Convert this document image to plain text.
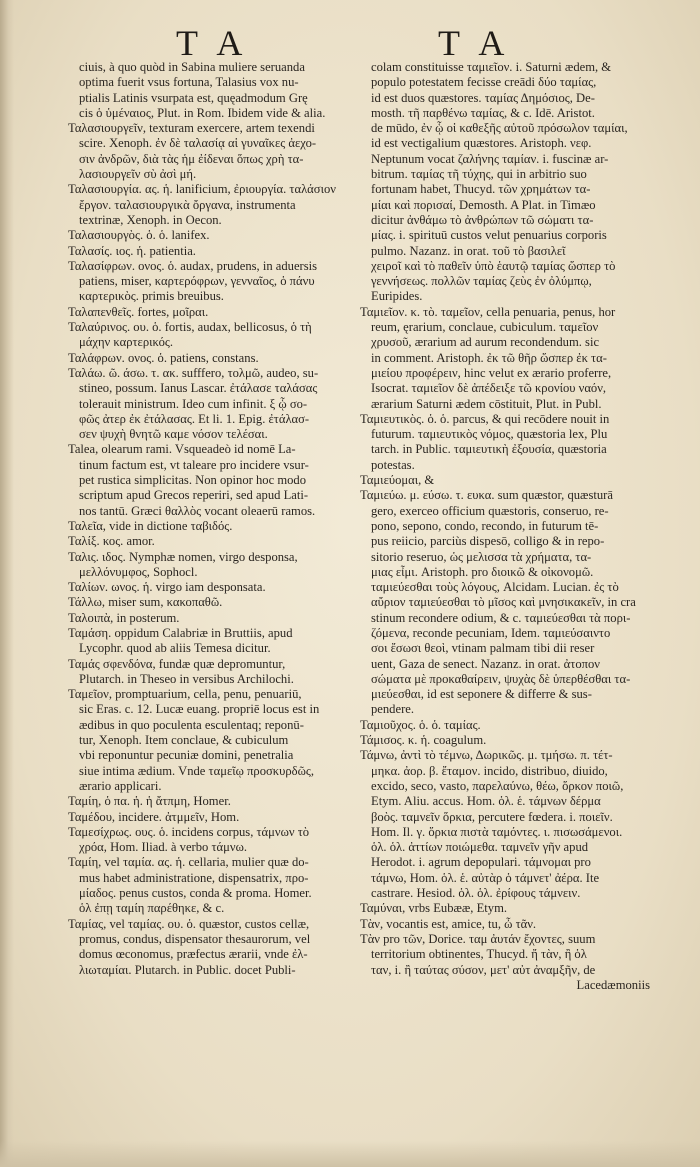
T A	T A
ciuis, à quo quòd in Sabina muliere seruanda
optima fuerit vsus fortuna, Talasius vox nu-
ptialis Latinis vsurpata est, quęadmodum Grę
cis ὁ ὑμέναιος, Plut. in Rom. Ibidem vide & alia.
Ταλασιουργεῖν, texturam exercere, artem texendi
scire. Xenoph. ἐν δὲ ταλασίᾳ αἱ γυναῖκες ἀεχο-
σιν ἀνδρῶν, διὰ τὰς ἡμ ἐίδεναι ὅπως χρὴ τα-
λασιουργεῖν σὺ ἀσὶ μή.
Ταλασιουργία. ας. ἡ. lanificium, ἐριουργία. ταλάσιον
ἔργον. ταλασιουργικὰ ὄργανα, instrumenta
textrinæ, Xenoph. in Oecon.
Ταλασιουργὸς. ὁ. ὁ. lanifex.
Ταλασίς. ιος. ἡ. patientia.
Ταλασίφρων. ονος. ὁ. audax, prudens, in aduersis
patiens, miser, καρτερόφρων, γενναῖος, ὁ πάνυ
καρτερικὸς. primis breuibus.
Ταλαπενθεῖς. fortes, μοῖραι.
Ταλαύρινος. ου. ὁ. fortis, audax, bellicosus, ὁ τὴ
μάχην καρτερικός.
Ταλάφρων. ονος. ὁ. patiens, constans.
Ταλάω. ῶ. άσω. τ. ακ. sufffero, τολμῶ, audeo, su-
stineo, possum. Ianus Lascar. ἐτάλασε ταλάσας
tolerauit ministrum. Ideo cum infinit. ξ ᾧ σο-
φῶς ἀτερ ἐκ ἐτάλασας. Et li. 1. Epig. ἐτάλασ-
σεν ψυχὴ θνητῶ καμε νόσον τελέσαι.
Talea, olearum rami. Vsqueadeò id nomē La-
tinum factum est, vt taleare pro incidere vsur-
pet rustica simplicitas. Non opinor hoc modo
scriptum apud Grecos reperiri, sed apud Lati-
nos tantū. Græci θαλλὸς vocant oleaerū ramos.
Ταλεῖα, vide in dictione ταβιδός.
Ταλίξ. κος. amor.
Ταλις. ιδος. Nymphæ nomen, virgo desponsa,
μελλόνυμφος, Sophocl.
Ταλίων. ωνος. ἡ. virgo iam desponsata.
Τάλλω, miser sum, κακοπαθῶ.
Ταλοιπὰ, in posterum.
Ταμάση. oppidum Calabriæ in Bruttiis, apud
Lycophr. quod ab aliis Temesa dicitur.
Ταμάς σφενδόνα, fundæ quæ depromuntur,
Plutarch. in Theseo in versibus Archilochi.
Ταμεῖον, promptuarium, cella, penu, penuariū,
sic Eras. c. 12. Lucæ euang. propriē locus est in
ædibus in quo poculenta esculentaq; reponū-
tur, Xenoph. Item conclaue, & cubiculum
vbi reponuntur pecuniæ domini, penetralia
siue intima ædium. Vnde ταμεῖῳ προσκυρδῶς,
ærario applicari.
Ταμίη, ὁ πα. ἡ. ἡ ἄτπμη, Homer.
Ταμέδου, incidere. ἀτμμεῖν, Hom.
Ταμεσίχρως. ους. ὁ. incidens corpus, τάμνων τὸ
χρόα, Hom. Iliad. à verbo τάμνω.
Ταμίη, vel ταμία. ας. ἡ. cellaria, mulier quæ do-
mus habet administratione, dispensatrix, προ-
μίαδος. penus custos, conda & proma. Homer.
ὁλ ἐπῃ ταμίη παρέθηκε, & c.
Ταμίας, vel ταμίας. ου. ὁ. quæstor, custos cellæ,
promus, condus, dispensator thesaurorum, vel
domus œconomus, præfectus ærarii, vnde ἐλ-
λιωταμίαι. Plutarch. in Public. docet Publi-
colam constituisse ταμιεῖον. i. Saturni ædem, &
populo potestatem fecisse creādi δύο ταμίας,
id est duos quæstores. ταμίας Δημόσιος, De-
mosth. τῆ παρθένω ταμίας, & c. Idē. Aristot.
de mūdo, ἐν ᾧ οἱ καθεξῆς αὐτοῦ πρόσωλον ταμίαι,
id est vectigalium quæstores. Aristoph. νεφ.
Neptunum vocat ζαλήνης ταμίαν. i. fuscinæ ar-
bitrum. ταμίας τῆ τύχης, qui in arbitrio suo
fortunam habet, Thucyd. τῶν χρημάτων τα-
μίαι καὶ πορισαί, Demosth. A Plat. in Timæo
dicitur ἀνθάμω τὸ ἀνθρώπων τῶ σώματι τα-
μίας. i. spirituū custos velut penuarius corporis
pulmo. Nazanz. in orat. τοῦ τὸ βασιλεῖ
χειροῖ καὶ τὸ παθεῖν ὑπὸ ἑαυτῷ ταμίας ὥσπερ τὸ
γεννήσεως. πολλῶν ταμίας ζεὺς ἐν ὀλύμπῳ,
Euripides.
Ταμιεῖον. κ. τὸ. ταμεῖον, cella penuaria, penus, hor
reum, ęrarium, conclaue, cubiculum. ταμεῖον
χρυσοῦ, ærarium ad aurum recondendum. sic
in comment. Aristoph. ἐκ τῶ θῆρ ὥσπερ ἐκ τα-
μιείου προφέρειν, hinc velut ex ærario proferre,
Isocrat. ταμιεῖον δὲ ἀπέδειξε τῶ κρονίου ναόν,
ærarium Saturni ædem cōstituit, Plut. in Publ.
Ταμιευτικὸς. ὁ. ὁ. parcus, & qui recōdere nouit in
futurum. ταμιευτικὸς νόμος, quæstoria lex, Plu
tarch. in Public. ταμιευτικὴ ἐξουσία, quæstoria
potestas.
Ταμιεύομαι, &
Ταμιεύω. μ. εύσω. τ. ευκα. sum quæstor, quæsturā
gero, exerceo officium quæstoris, conseruo, re-
pono, sepono, condo, recondo, in futurum tē-
pus reiicio, parciùs dispesō, colligo & in repo-
sitorio reseruo, ὡς μελισσα τὰ χρήματα, τα-
μιας εἶμι. Aristoph. pro διοικῶ & οἰκονομῶ.
ταμιεύεσθαι τοὺς λόγους, Alcidam. Lucian. ἐς τὸ
αὔριον ταμιεύεσθαι τὸ μῖσος καὶ μνησικακεῖν, in cra
stinum recondere odium, & c. ταμιεύεσθαι τὰ πορι-
ζόμενα, reconde pecuniam, Idem. ταμιεύσαιντο
σοι ἔσωσι θεοὶ, vtinam palmam tibi dii reser
uent, Gaza de senect. Nazanz. in orat. ἀτοπον
σώματα μὲ προκαθαίρειν, ψυχὰς δὲ ὑπερθέσθαι τα-
μιεύεσθαι, id est seponere & differre & sus-
pendere.
Ταμιοῦχος. ὁ. ὁ. ταμίας.
Τάμισος. κ. ἡ. coagulum.
Τάμνω, ἀντὶ τὸ τέμνω, Δωρικῶς. μ. τμήσω. π. τέτ-
μηκα. ἀορ. β. ἔταμον. incido, distribuo, diuido,
excido, seco, vasto, παρελαύνω, θέω, ὅρκον ποιῶ,
Etym. Aliu. accus. Hom. ὁλ. ἑ. τάμνων δέρμα
βοὸς. ταμνεῖν ὅρκια, percutere fœdera. i. ποιεῖν.
Hom. Il. γ. ὅρκια πιστὰ ταμόντες. ι. πισωσάμενοι.
ὁλ. ὁλ. ἀττίων ποιώμεθα. ταμνεῖν γῆν apud
Herodot. i. agrum depopulari. τάμνομαι pro
τάμνω, Hom. ὁλ. ἑ. αὐτὰρ ὁ τάμνετ' ἀέρα. Ite
castrare. Hesiod. ὁλ. ὁλ. ἐρίφους τάμνειν.
Ταμύναι, vrbs Eubææ, Etym.
Τὰν, vocantis est, amice, tu, ὦ τᾶν.
Τὰν pro τῶν, Dorice. ταμ ἀυτάν ἔχοντες, suum
territorium obtinentes, Thucyd. ἤ τὰν, ἢ ὁλ
ταν, i. ἢ ταύτας σύσον, μετ' αὐτ ἀναμξῆν, de
Lacedæmoniis
